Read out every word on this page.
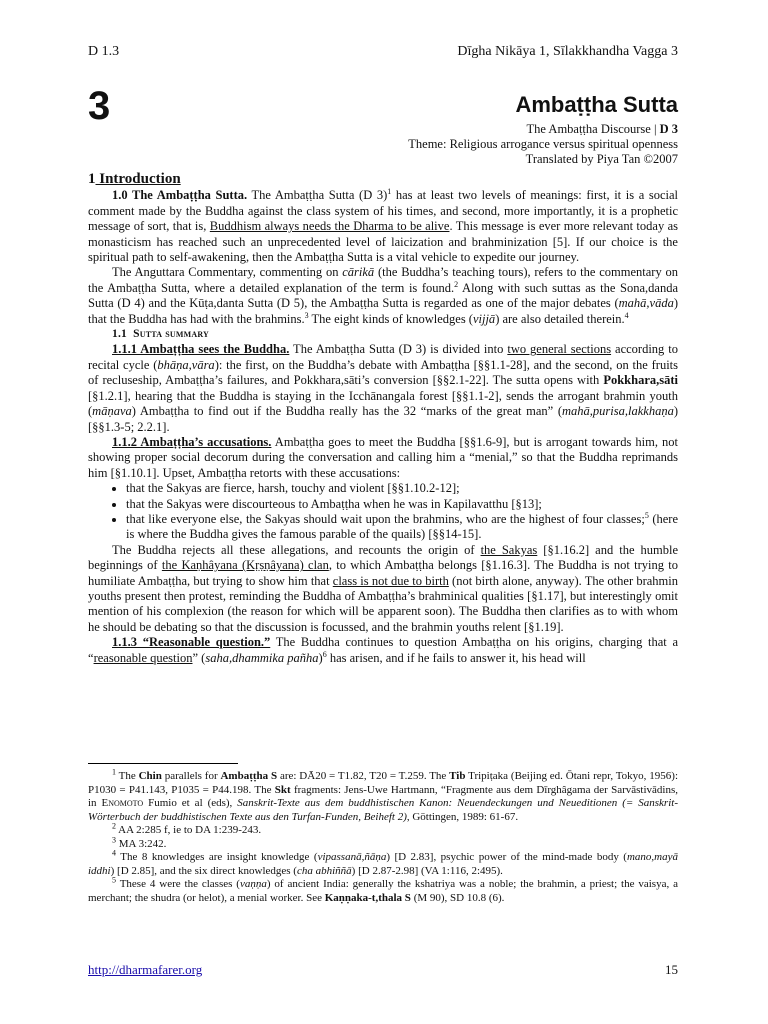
D 1.3	Dīgha Nikāya 1, Sīlakkhandha Vagga 3
3	Ambaṭṭha Sutta
The Ambaṭṭha Discourse | D 3
Theme: Religious arrogance versus spiritual openness
Translated by Piya Tan ©2007
1 Introduction

1.0 The Ambaṭṭha Sutta. The Ambaṭṭha Sutta (D 3)$^1$ has at least two levels of meanings: first, it is a social comment made by the Buddha against the class system of his times, and second, more importantly, it is a prophetic message of sort, that is, Buddhism always needs the Dharma to be alive. This message is ever more relevant today as monasticism has reached such an unprecedented level of laicization and brahminization [5]. If our choice is the spiritual path to self-awakening, then the Ambaṭṭha Sutta is a vital vehicle to expedite our journey.

The Anguttara Commentary, commenting on cārikā (the Buddha’s teaching tours), refers to the commentary on the Ambaṭṭha Sutta, where a detailed explanation of the term is found.$^2$ Along with such suttas as the Sona,danda Sutta (D 4) and the Kūṭa,danta Sutta (D 5), the Ambaṭṭha Sutta is regarded as one of the major debates (mahā,vāda) that the Buddha has had with the brahmins.$^3$ The eight kinds of knowledges (vijjā) are also detailed therein.$^4$

1.1 Sutta summary

1.1.1 Ambaṭṭha sees the Buddha. The Ambaṭṭha Sutta (D 3) is divided into two general sections according to recital cycle (bhāṇa,vāra): the first, on the Buddha’s debate with Ambaṭṭha [§§1.1-28], and the second, on the fruits of recluseship, Ambaṭṭha’s failures, and Pokkhara,sāti’s conversion [§§2.1-22]. The sutta opens with Pokkhara,sāti [§1.2.1], hearing that the Buddha is staying in the Icchānangala forest [§§1.1-2], sends the arrogant brahmin youth (māṇava) Ambaṭṭha to find out if the Buddha really has the 32 “marks of the great man” (mahā,purisa,lakkhaṇa) [§§1.3-5; 2.2.1].

1.1.2 Ambaṭṭha’s accusations. Ambaṭṭha goes to meet the Buddha [§§1.6-9], but is arrogant towards him, not showing proper social decorum during the conversation and calling him a “menial,” so that the Buddha reprimands him [§1.10.1]. Upset, Ambaṭṭha retorts with these accusations:

• that the Sakyas are fierce, harsh, touchy and violent [§§1.10.2-12];
• that the Sakyas were discourteous to Ambaṭṭha when he was in Kapilavatthu [§13];
• that like everyone else, the Sakyas should wait upon the brahmins, who are the highest of four classes;$^5$ (here is where the Buddha gives the famous parable of the quails) [§§14-15].

The Buddha rejects all these allegations, and recounts the origin of the Sakyas [§1.16.2] and the humble beginnings of the Kaṇhâyana (Kṛṣṇâyana) clan, to which Ambaṭṭha belongs [§1.16.3]. The Buddha is not trying to humiliate Ambaṭṭha, but trying to show him that class is not due to birth (not birth alone, anyway). The other brahmin youths present then protest, reminding the Buddha of Ambaṭṭha’s brahminical qualities [§1.17], but interestingly omit mention of his complexion (the reason for which will be apparent soon). The Buddha then clarifies as to with whom he should be debating so that the discussion is focussed, and the brahmin youths relent [§1.19].

1.1.3 “Reasonable question.” The Buddha continues to question Ambaṭṭha on his origins, charging that a “reasonable question” (saha,dhammika pañha)$^6$ has arisen, and if he fails to answer it, his head will

$^1$ The Chin parallels for Ambaṭṭha S are: DĀ20 = T1.82, T20 = T.259. The Tib Tripiṭaka (Beijing ed. Ōtani repr, Tokyo, 1956): P1030 = P41.143, P1035 = P44.198. The Skt fragments: Jens-Uwe Hartmann, “Fragmente aus dem Dīrghâgama der Sarvāstivādins, in Enomoto Fumio et al (eds), Sanskrit-Texte aus dem buddhistischen Kanon: Neuendeckungen und Neueditionen (= Sanskrit-Wörterbuch der buddhistischen Texte aus den Turfan-Funden, Beiheft 2), Göttingen, 1989: 61-67.

$^2$ AA 2:285 f, ie to DA 1:239-243.

$^3$ MA 3:242.

$^4$ The 8 knowledges are insight knowledge (vipassanā,ñāṇa) [D 2.83], psychic power of the mind-made body (mano,mayā iddhi) [D 2.85], and the six direct knowledges (cha abhiññā) [D 2.87-2.98] (VA 1:116, 2:495).

$^5$ These 4 were the classes (vaṇṇa) of ancient India: generally the kshatriya was a noble; the brahmin, a priest; the vaisya, a merchant; the shudra (or helot), a menial worker. See Kaṇṇaka-t,thala S (M 90), SD 10.8 (6).

http://dharmafarer.org	15
